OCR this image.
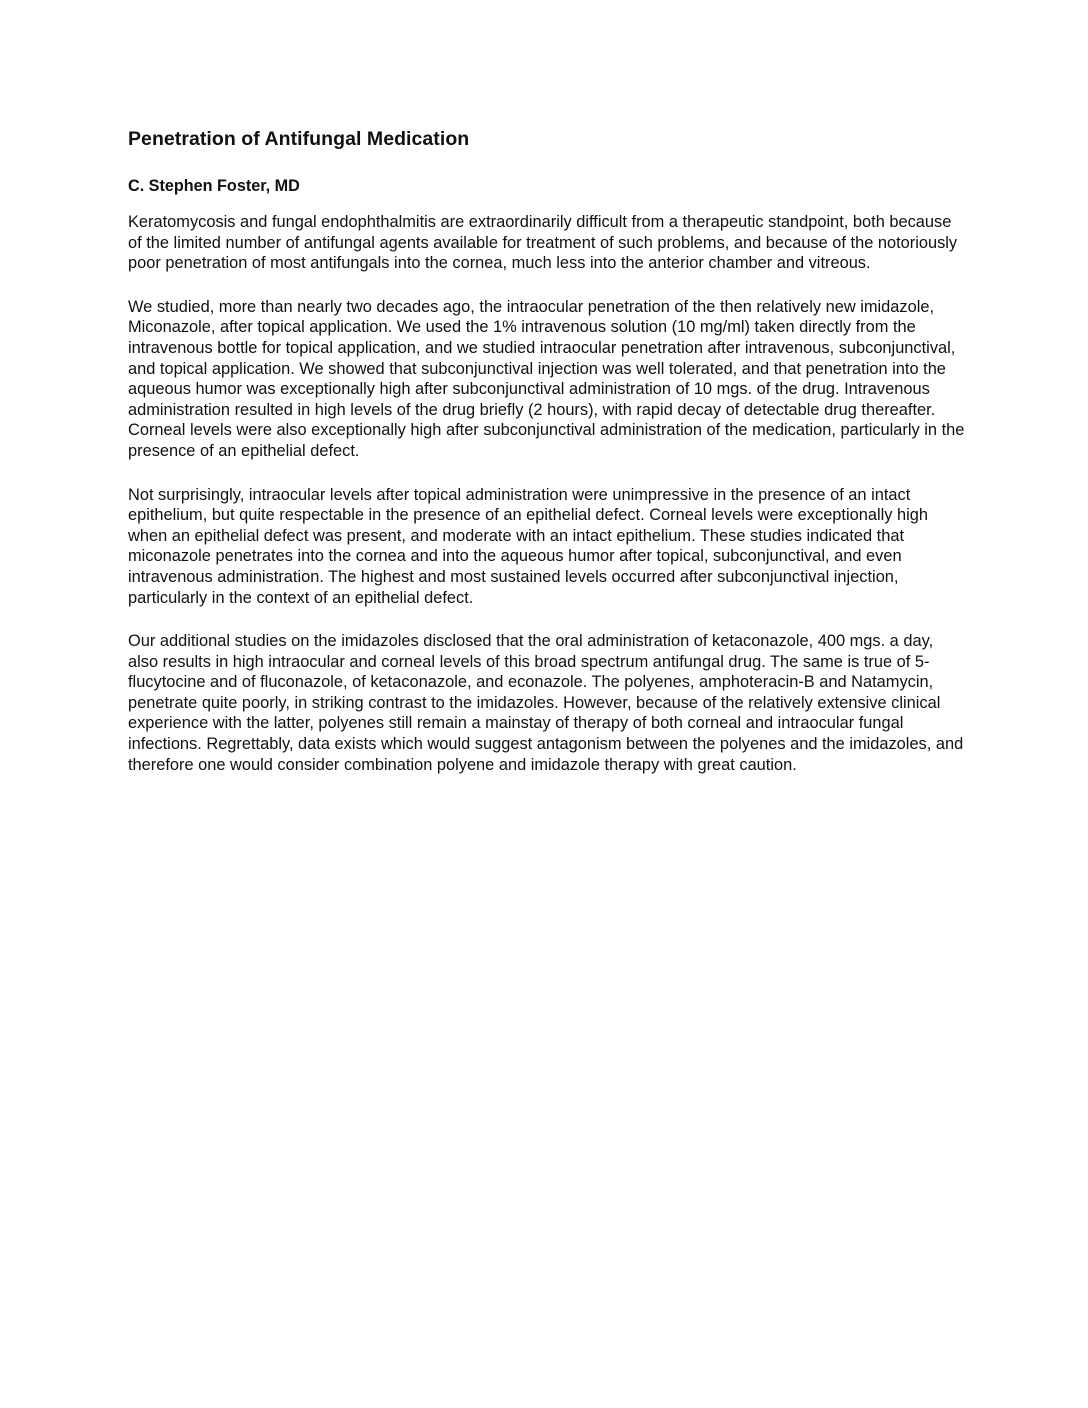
Penetration of Antifungal Medication
C. Stephen Foster, MD

Keratomycosis and fungal endophthalmitis are extraordinarily difficult from a therapeutic standpoint, both because of the limited number of antifungal agents available for treatment of such problems, and because of the notoriously poor penetration of most antifungals into the cornea, much less into the anterior chamber and vitreous.

We studied, more than nearly two decades ago, the intraocular penetration of the then relatively new imidazole, Miconazole, after topical application. We used the 1% intravenous solution (10 mg/ml) taken directly from the intravenous bottle for topical application, and we studied intraocular penetration after intravenous, subconjunctival, and topical application. We showed that subconjunctival injection was well tolerated, and that penetration into the aqueous humor was exceptionally high after subconjunctival administration of 10 mgs. of the drug. Intravenous administration resulted in high levels of the drug briefly (2 hours), with rapid decay of detectable drug thereafter. Corneal levels were also exceptionally high after subconjunctival administration of the medication, particularly in the presence of an epithelial defect.

Not surprisingly, intraocular levels after topical administration were unimpressive in the presence of an intact epithelium, but quite respectable in the presence of an epithelial defect. Corneal levels were exceptionally high when an epithelial defect was present, and moderate with an intact epithelium. These studies indicated that miconazole penetrates into the cornea and into the aqueous humor after topical, subconjunctival, and even intravenous administration. The highest and most sustained levels occurred after subconjunctival injection, particularly in the context of an epithelial defect.

Our additional studies on the imidazoles disclosed that the oral administration of ketaconazole, 400 mgs. a day, also results in high intraocular and corneal levels of this broad spectrum antifungal drug. The same is true of 5-flucytocine and of fluconazole, of ketaconazole, and econazole. The polyenes, amphoteracin-B and Natamycin, penetrate quite poorly, in striking contrast to the imidazoles. However, because of the relatively extensive clinical experience with the latter, polyenes still remain a mainstay of therapy of both corneal and intraocular fungal infections. Regrettably, data exists which would suggest antagonism between the polyenes and the imidazoles, and therefore one would consider combination polyene and imidazole therapy with great caution.
